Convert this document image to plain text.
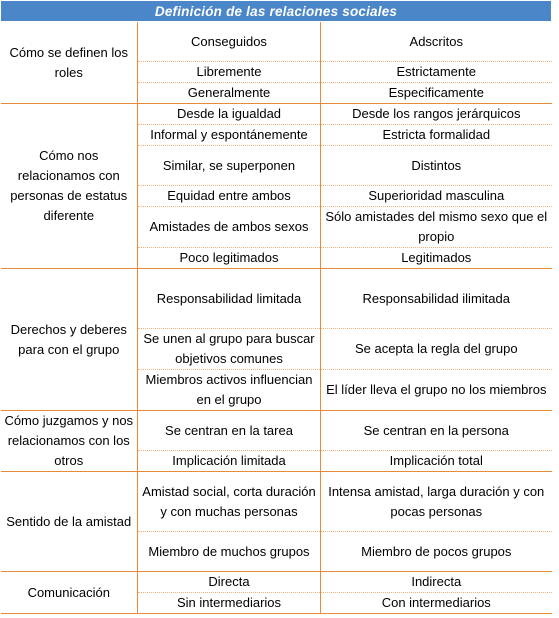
Definición de las relaciones sociales		
Cómo se definen los roles	Conseguidos	Adscritos
	Libremente	Estrictamente
	Generalmente	Especificamente
Cómo nos relacionamos con personas de estatus diferente	Desde la igualdad	Desde los rangos jerárquicos
	Informal y espontánemente	Estricta formalidad
	Similar, se superponen	Distintos
	Equidad entre ambos	Superioridad masculina
	Amistades de ambos sexos	Sólo amistades del mismo sexo que el propio
	Poco legitimados	Legitimados
Derechos y deberes para con el grupo	Responsabilidad limitada	Responsabilidad ilimitada
	Se unen al grupo para buscar objetivos comunes	Se acepta la regla del grupo
	Miembros activos influencian en el grupo	El líder lleva el grupo no los miembros
Cómo juzgamos y nos relacionamos con los otros	Se centran en la tarea	Se centran en la persona
	Implicación limitada	Implicación total
Sentido de la amistad	Amistad social, corta duración y con muchas personas	Intensa amistad, larga duración y con pocas personas
	Miembro de muchos grupos	Miembro de pocos grupos
Comunicación	Directa	Indirecta
	Sin intermediarios	Con intermediarios
